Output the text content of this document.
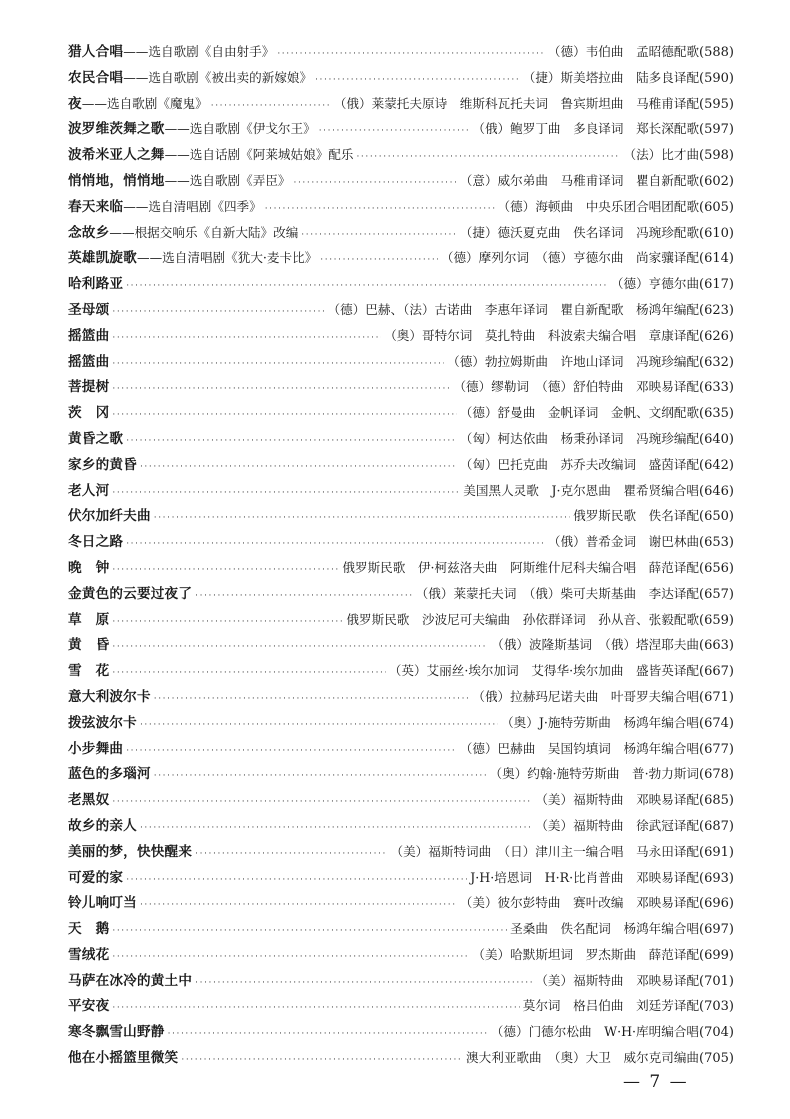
猎人合唱 ——选自歌剧《自由射手》 ·····	（德）韦伯曲　孟昭德配歌 (588)
农民合唱 ——选自歌剧《被出卖的新嫁娘》 ·····	（捷）斯美塔拉曲　陆多良译配 (590)
夜 ——选自歌剧《魔鬼》 ·····	（俄）莱蒙托夫原诗　维斯科瓦托夫词　鲁宾斯坦曲　马稚甫译配 (595)
波罗维茨舞之歌 ——选自歌剧《伊戈尔王》 ·····	（俄）鲍罗丁曲　多良译词　郑长深配歌 (597)
波希米亚人之舞 ——选自话剧《阿莱城姑娘》配乐 ·····	（法）比才曲 (598)
悄悄地，悄悄地 ——选自歌剧《弄臣》 ·····	（意）威尔弟曲　马稚甫译词　瞿自新配歌 (602)
春天来临 ——选自清唱剧《四季》 ·····	（德）海顿曲　中央乐团合唱团配歌 (605)
念故乡 ——根据交响乐《自新大陆》改编 ·····	（捷）德沃夏克曲　佚名译词　冯琬珍配歌 (610)
英雄凯旋歌 ——选自清唱剧《犹大·麦卡比》 ·····	（德）摩列尔词　（德）亨德尔曲　尚家骧译配 (614)
哈利路亚 ·····	（德）亨德尔曲 (617)
圣母颂 ·····	（德）巴赫、（法）古诺曲　李惠年译词　瞿自新配歌　杨鸿年编配 (623)
摇篮曲 ·····	（奥）哥特尔词　莫扎特曲　科波索夫编合唱　章康译配 (626)
摇篮曲 ·····	（德）勃拉姆斯曲　许地山译词　冯琬珍编配 (632)
菩提树 ·····	（德）缪勒词　（德）舒伯特曲　邓映易译配 (633)
茨　冈 ·····	（德）舒曼曲　金帆译词　金帆、文纲配歌 (635)
黄昏之歌 ·····	（匈）柯达依曲　杨秉孙译词　冯琬珍编配 (640)
家乡的黄昏 ·····	（匈）巴托克曲　苏乔夫改编词　盛茵译配 (642)
老人河 ·····	美国黑人灵歌　J·克尔恩曲　瞿希贤编合唱 (646)
伏尔加纤夫曲 ·····	俄罗斯民歌　佚名译配 (650)
冬日之路 ·····	（俄）普希金词　谢巴林曲 (653)
晚　钟 ·····	俄罗斯民歌　伊·柯兹洛夫曲　阿斯维什尼科夫编合唱　薛范译配 (656)
金黄色的云要过夜了 ·····	（俄）莱蒙托夫词　（俄）柴可夫斯基曲　李达译配 (657)
草　原 ·····	俄罗斯民歌　沙波尼可夫编曲　孙依群译词　孙从音、张毅配歌 (659)
黄　昏 ·····	（俄）波隆斯基词　（俄）塔涅耶夫曲 (663)
雪　花 ·····	（英）艾丽丝·埃尔加词　艾得华·埃尔加曲　盛皆英译配 (667)
意大利波尔卡 ·····	（俄）拉赫玛尼诺夫曲　叶哥罗夫编合唱 (671)
拨弦波尔卡 ·····	（奥）J·施特劳斯曲　杨鸿年编合唱 (674)
小步舞曲 ·····	（德）巴赫曲　吴国钧填词　杨鸿年编合唱 (677)
蓝色的多瑙河 ·····	（奥）约翰·施特劳斯曲　普·勃力斯词 (678)
老黑奴 ·····	（美）福斯特曲　邓映易译配 (685)
故乡的亲人 ·····	（美）福斯特曲　徐武冠译配 (687)
美丽的梦，快快醒来 ·····	（美）福斯特词曲　（日）津川主一编合唱　马永田译配 (691)
可爱的家 ·····	J·H·培恩词　H·R·比肖普曲　邓映易译配 (693)
铃儿响叮当 ·····	（美）彼尔彭特曲　赛叶改编　邓映易译配 (696)
天　鹅 ·····	圣桑曲　佚名配词　杨鸿年编合唱 (697)
雪绒花 ·····	（美）哈默斯坦词　罗杰斯曲　薛范译配 (699)
马萨在冰冷的黄土中 ·····	（美）福斯特曲　邓映易译配 (701)
平安夜 ·····	莫尔词　格吕伯曲　刘廷芳译配 (703)
寒冬飘雪山野静 ·····	（德）门德尔松曲　W·H·库明编合唱 (704)
他在小摇篮里微笑 ·····	澳大利亚歌曲　（奥）大卫　威尔克司编曲 (705)
— 7 —
